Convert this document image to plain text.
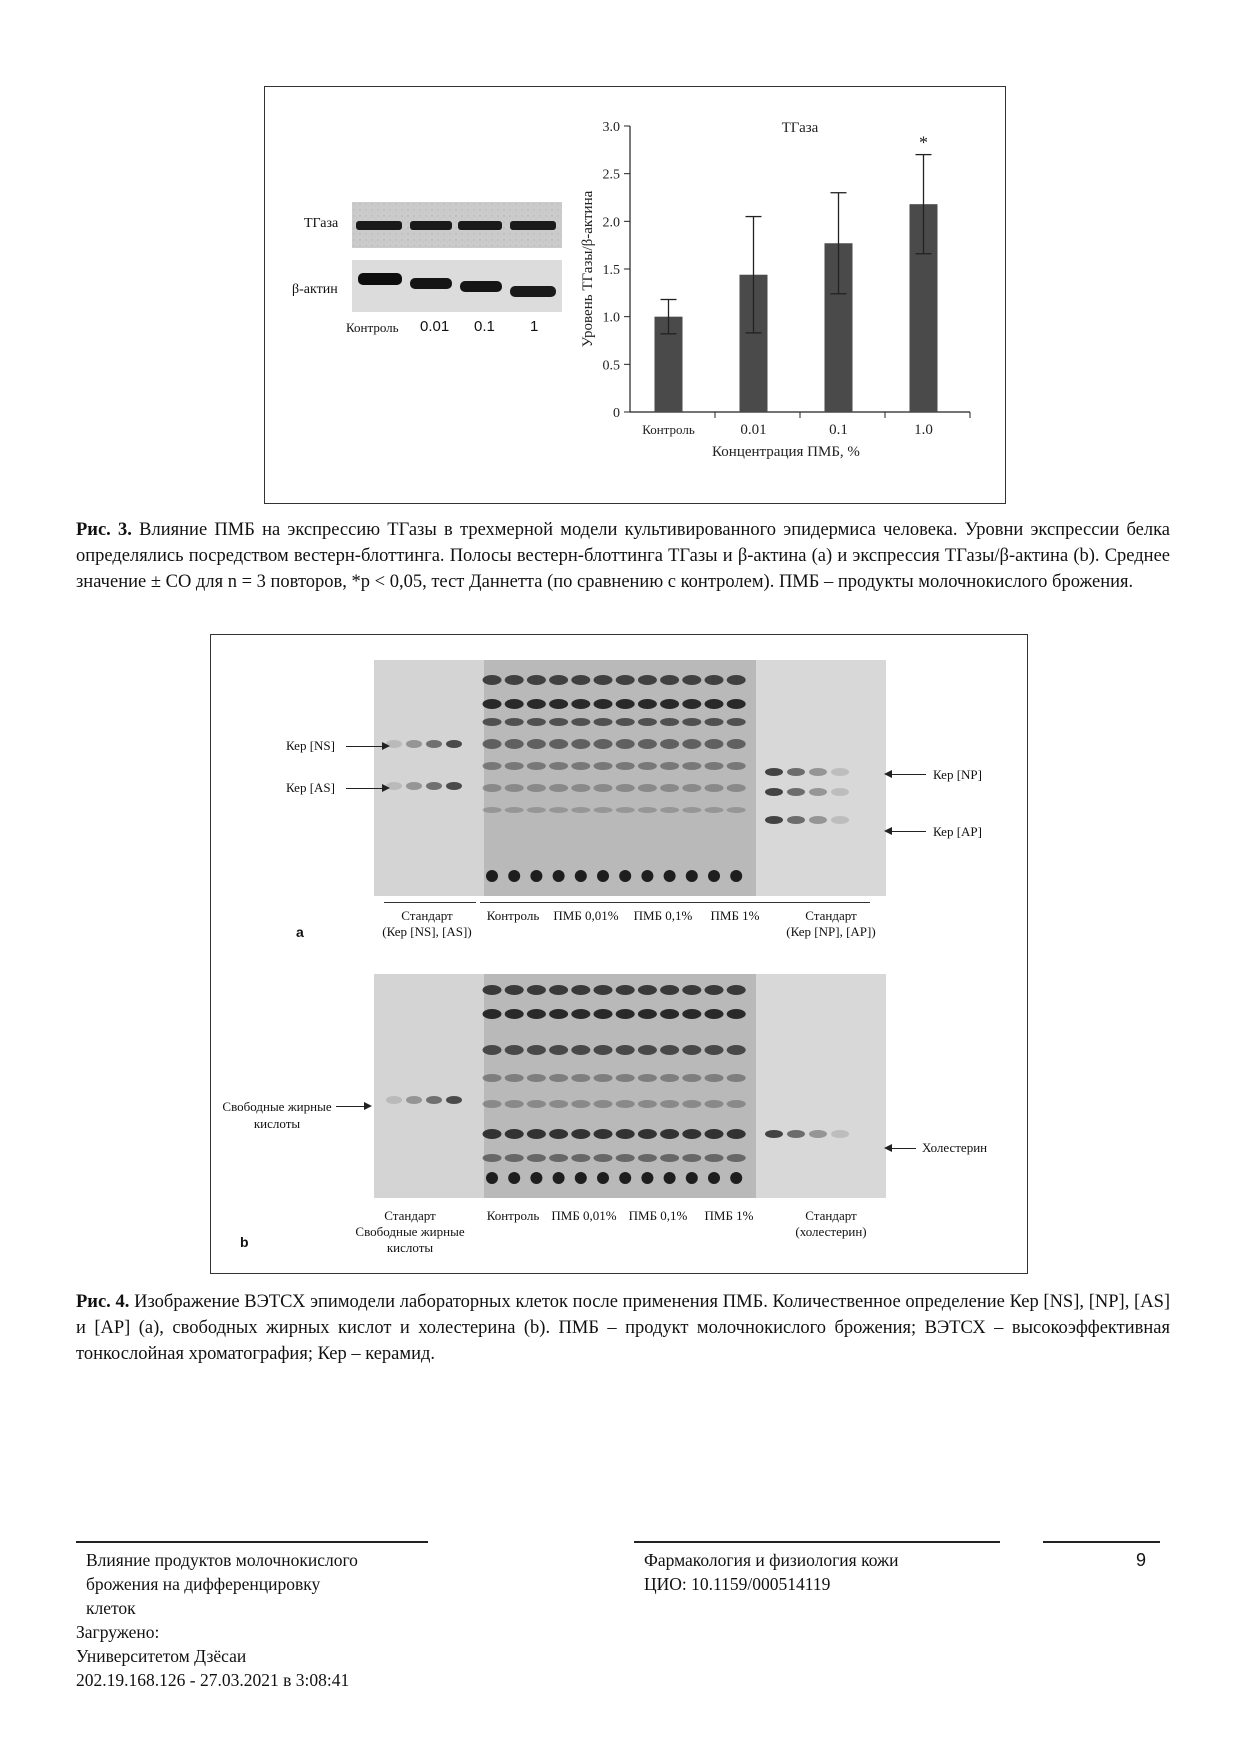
ТГаза
β-актин
Контроль 0.01 0.1 1
0
0.5
1.0
1.5
2.0
2.5
3.0
Контроль	0.01	0.1
*
1.0
Концентрация ПМБ, %
Уровень ТГазы/β-актина
ТГаза
Рис. 3. Влияние ПМБ на экспрессию ТГазы в трехмерной модели культивированного эпидермиса человека. Уровни экспрессии белка определялись посредством вестерн-блоттинга. Полосы вестерн-блоттинга ТГазы и β-актина (а) и экспрессия ТГазы/β-актина (b). Среднее значение ± СО для n = 3 повторов, *p < 0,05, тест Даннетта (по сравнению с контролем). ПМБ – продукты молочнокислого брожения.
Кер [NS]
Кер [AS]
Кер [NP]
Кер [AP]
Стандарт
(Кер [NS], [AS])
Контроль	ПМБ 0,01%	ПМБ 0,1%	ПМБ 1%	Стандарт
(Кер [NP], [AP])
a
Свободные жирные
кислоты
Холестерин
Стандарт
Свободные жирные
кислоты
Контроль ПМБ 0,01% ПМБ 0,1%	ПМБ 1%	Стандарт
(холестерин)
b
Рис. 4. Изображение ВЭТСХ эпимодели лабораторных клеток после применения ПМБ. Количественное определение Кер [NS], [NP], [AS] и [AP] (а), свободных жирных кислот и холестерина (b). ПМБ – продукт молочнокислого брожения; ВЭТСХ – высокоэффективная тонкослойная хроматография; Кер – керамид.
Влияние продуктов молочнокислого
брожения на дифференцировку
клеток
Загружено:
Университетом Дзёсаи
202.19.168.126 - 27.03.2021 в 3:08:41
Фармакология и физиология кожи
ЦИО: 10.1159/000514119
9
